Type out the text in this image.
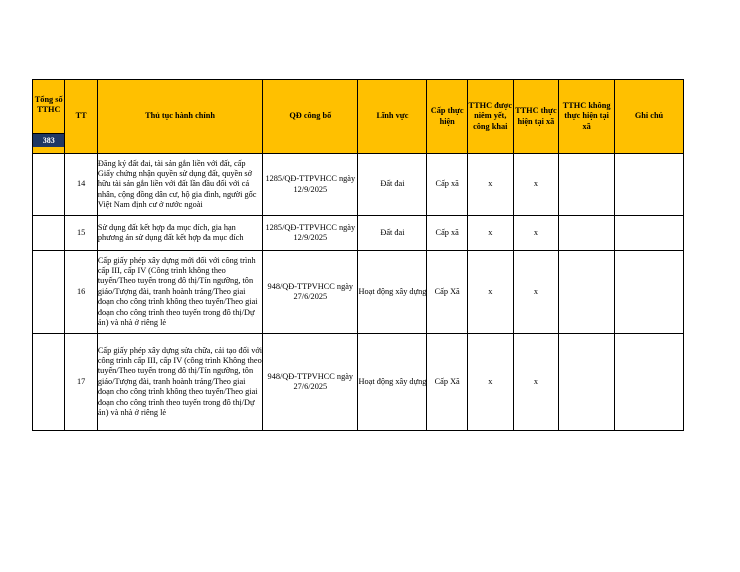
Tổng số TTHC
383	TT	Thủ tục hành chính	QĐ công bố	Lĩnh vực	Cấp thực hiện	TTHC được niêm yết, công khai	TTHC thực hiện tại xã	TTHC không thực hiện tại xã	Ghi chú
	14	Đăng ký đất đai, tài sản gắn liền với đất, cấp Giấy chứng nhận quyền sử dụng đất, quyền sở hữu tài sản gắn liền với đất lần đầu đối với cá nhân, cộng đồng dân cư, hộ gia đình, người gốc Việt Nam định cư ở nước ngoài	1285/QĐ-TTPVHCC ngày 12/9/2025	Đất đai	Cấp xã	x	x		
	15	Sử dụng đất kết hợp đa mục đích, gia hạn phương án sử dụng đất kết hợp đa mục đích	1285/QĐ-TTPVHCC ngày 12/9/2025	Đất đai	Cấp xã	x	x		
	16	Cấp giấy phép xây dựng mới đối với công trình cấp III, cấp IV (Công trình không theo tuyến/Theo tuyến trong đô thị/Tín ngưỡng, tôn giáo/Tượng đài, tranh hoành tráng/Theo giai đoạn cho công trình không theo tuyến/Theo giai đoạn cho công trình theo tuyến trong đô thị/Dự án) và nhà ở riêng lẻ	948/QĐ-TTPVHCC ngày 27/6/2025	Hoạt động xây dựng	Cấp Xã	x	x		
	17	Cấp giấy phép xây dựng sửa chữa, cải tạo đối với công trình cấp III, cấp IV (công trình Không theo tuyến/Theo tuyến trong đô thị/Tín ngưỡng, tôn giáo/Tượng đài, tranh hoành tráng/Theo giai đoạn cho công trình không theo tuyến/Theo giai đoạn cho công trình theo tuyến trong đô thị/Dự án) và nhà ở riêng lẻ	948/QĐ-TTPVHCC ngày 27/6/2025	Hoạt động xây dựng	Cấp Xã	x	x		
